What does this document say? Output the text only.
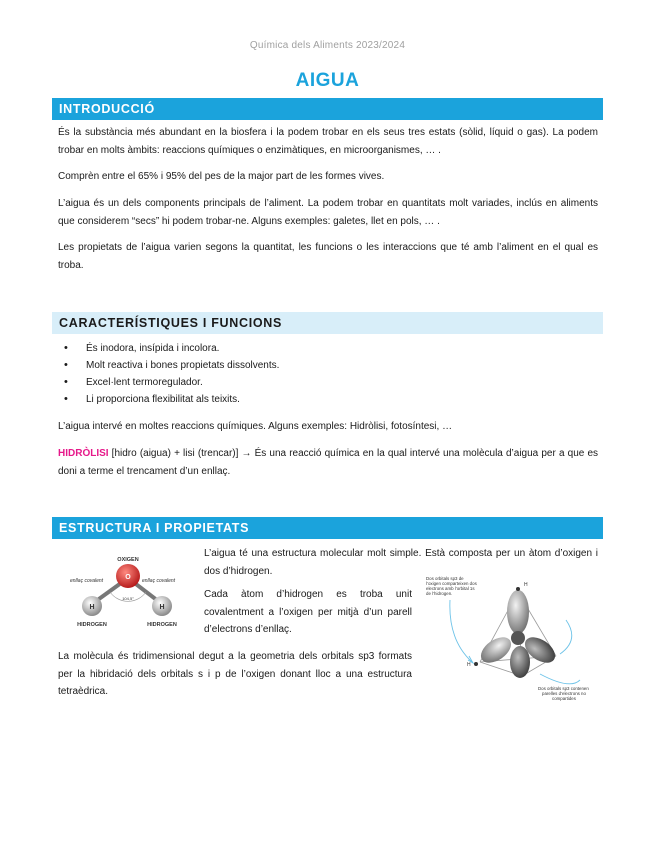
Química dels Aliments 2023/2024
AIGUA
INTRODUCCIÓ
És la substància més abundant en la biosfera i la podem trobar en els seus tres estats (sòlid, líquid o gas). La podem trobar en molts àmbits: reaccions químiques o enzimàtiques, en microorganismes, … .
Comprèn entre el 65% i 95% del pes de la major part de les formes vives.
L’aigua és un dels components principals de l’aliment. La podem trobar en quantitats molt variades, inclús en aliments que considerem “secs” hi podem trobar-ne. Alguns exemples: galetes, llet en pols, … .
Les propietats de l’aigua varien segons la quantitat, les funcions o les interaccions que té amb l’aliment en el qual es troba.
CARACTERÍSTIQUES I FUNCIONS
• És inodora, insípida i incolora.
• Molt reactiva i bones propietats dissolvents.
• Excel·lent termoregulador.
• Li proporciona flexibilitat als teixits.
L’aigua intervé en moltes reaccions químiques. Alguns exemples: Hidròlisi, fotosíntesi, …
HIDRÒLISI [hidro (aigua) + lisi (trencar)] → És una reacció química en la qual intervé una molècula d’aigua per a que es doni a terme el trencament d’un enllaç.
ESTRUCTURA I PROPIETATS
O
H	H
OXIGEN
enllaç covalent	enllaç covalent
104,5°
HIDROGEN	HIDROGEN
L’aigua té una estructura molecular molt simple. Està composta per un àtom d’oxigen i dos d’hidrogen.
Cada àtom d’hidrogen es troba unit covalentment a l’oxigen per mitjà d’un parell d’electrons d’enllaç.
La molècula és tridimensional degut a la geometria dels orbitals sp3 formats per la hibridació dels orbitals s i p de l’oxigen donant lloc a una estructura tetraèdrica.
H
H
Dos orbitals sp3 de
l’oxigen comparteixen dos
electrons amb l’orbital 1s
de l’hidrogen.
Dos orbitals sp3 contenen
parelles d’electrons no
compartides
